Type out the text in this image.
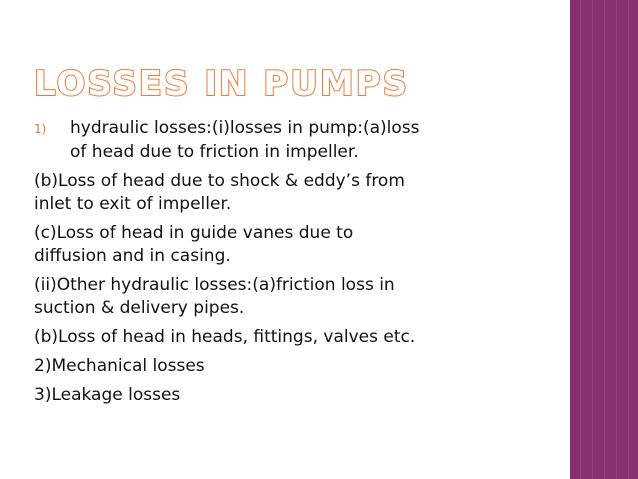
LOSSES IN PUMPS

1) hydraulic losses:(i)losses in pump:(a)loss

of head due to friction in impeller.

(b)Loss of head due to shock & eddy’s from

inlet to exit of impeller.

(c)Loss of head in guide vanes due to

diffusion and in casing.

(ii)Other hydraulic losses:(a)friction loss in

suction & delivery pipes.

(b)Loss of head in heads, fittings, valves etc.

2)Mechanical losses

3)Leakage losses
